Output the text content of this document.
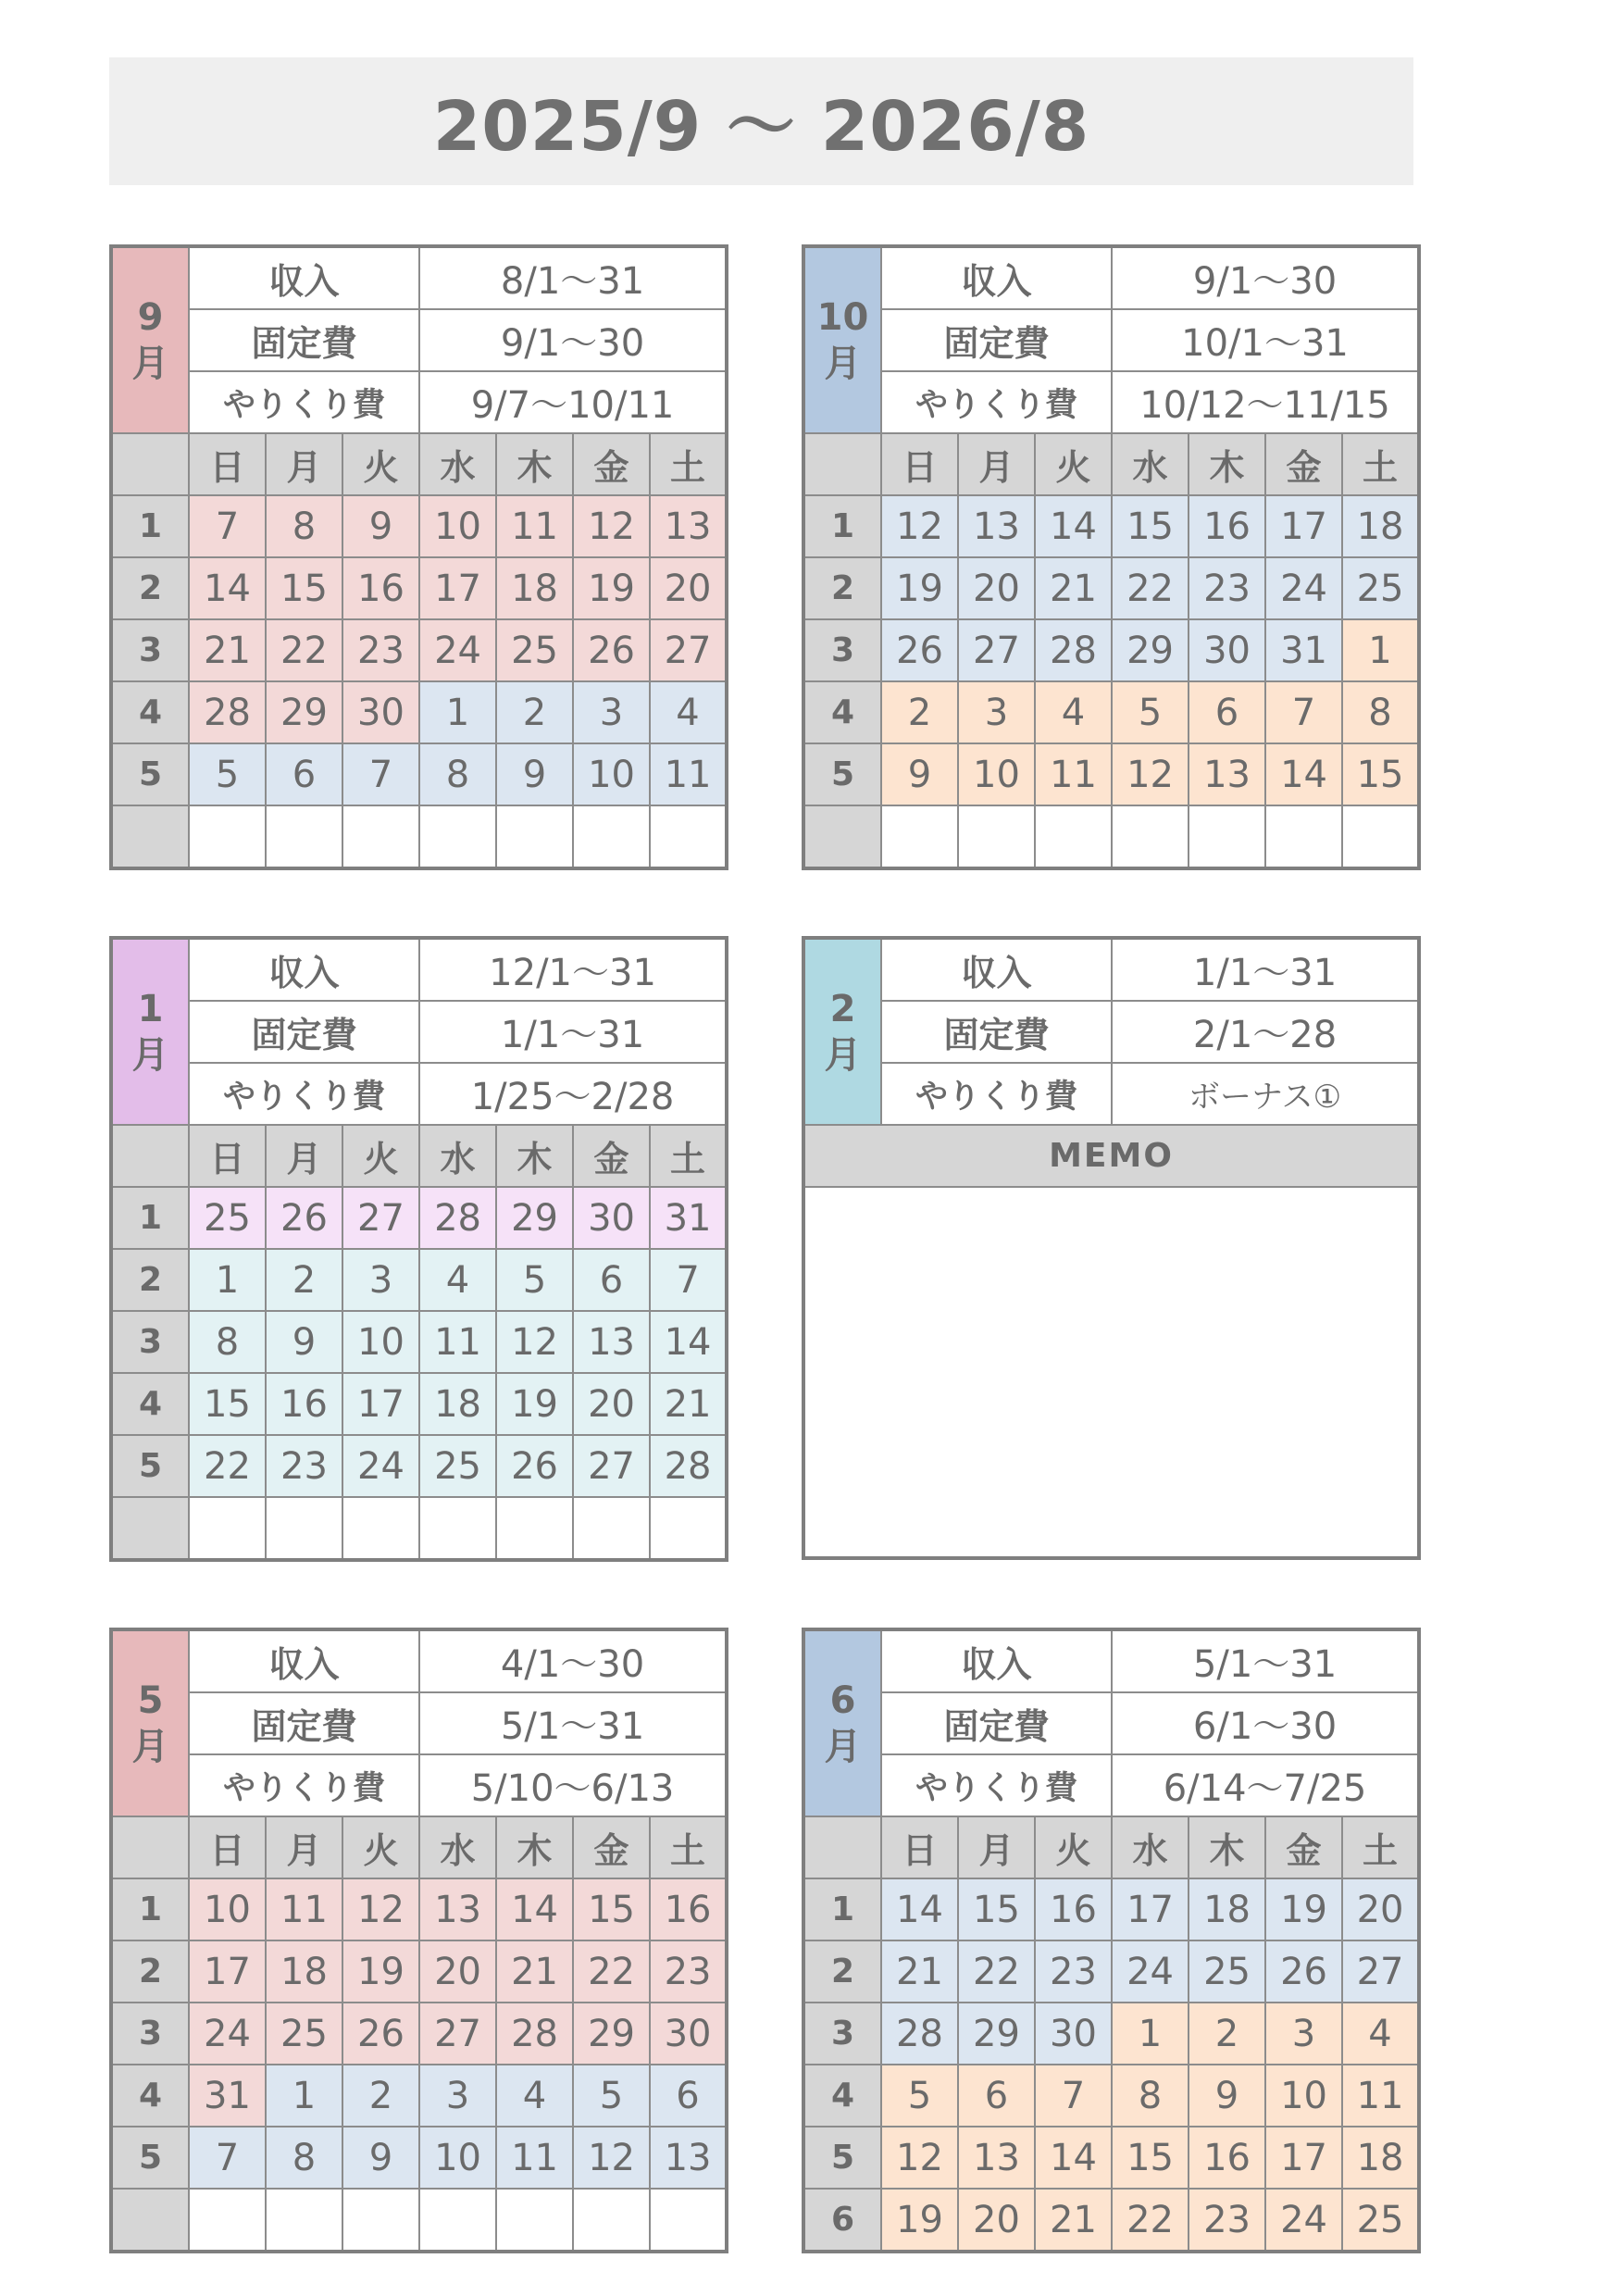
2025/9 ～ 2026/8
9
月	収入			8/1～31			
	固定費			9/1～30			
	やりくり費			9/7～10/11			
	日	月	火	水	木	金	土
1	7	8	9	10	11	12	13
2	14	15	16	17	18	19	20
3	21	22	23	24	25	26	27
4	28	29	30	1	2	3	4
5	5	6	7	8	9	10	11

10
月	収入			9/1～30			
	固定費			10/1～31			
	やりくり費			10/12～11/15			
	日	月	火	水	木	金	土
1	12	13	14	15	16	17	18
2	19	20	21	22	23	24	25
3	26	27	28	29	30	31	1
4	2	3	4	5	6	7	8
5	9	10	11	12	13	14	15

1
月	収入			12/1～31			
	固定費			1/1～31			
	やりくり費			1/25～2/28			
	日	月	火	水	木	金	土
1	25	26	27	28	29	30	31
2	1	2	3	4	5	6	7
3	8	9	10	11	12	13	14
4	15	16	17	18	19	20	21
5	22	23	24	25	26	27	28

2
月	収入	1/1～31
	固定費	2/1～28
	やりくり費	ボーナス①
MEMO		

5
月	収入			4/1～30			
	固定費			5/1～31			
	やりくり費			5/10～6/13			
	日	月	火	水	木	金	土
1	10	11	12	13	14	15	16
2	17	18	19	20	21	22	23
3	24	25	26	27	28	29	30
4	31	1	2	3	4	5	6
5	7	8	9	10	11	12	13

6
月	収入			5/1～31			
	固定費			6/1～30			
	やりくり費			6/14～7/25			
	日	月	火	水	木	金	土
1	14	15	16	17	18	19	20
2	21	22	23	24	25	26	27
3	28	29	30	1	2	3	4
4	5	6	7	8	9	10	11
5	12	13	14	15	16	17	18
6	19	20	21	22	23	24	25
